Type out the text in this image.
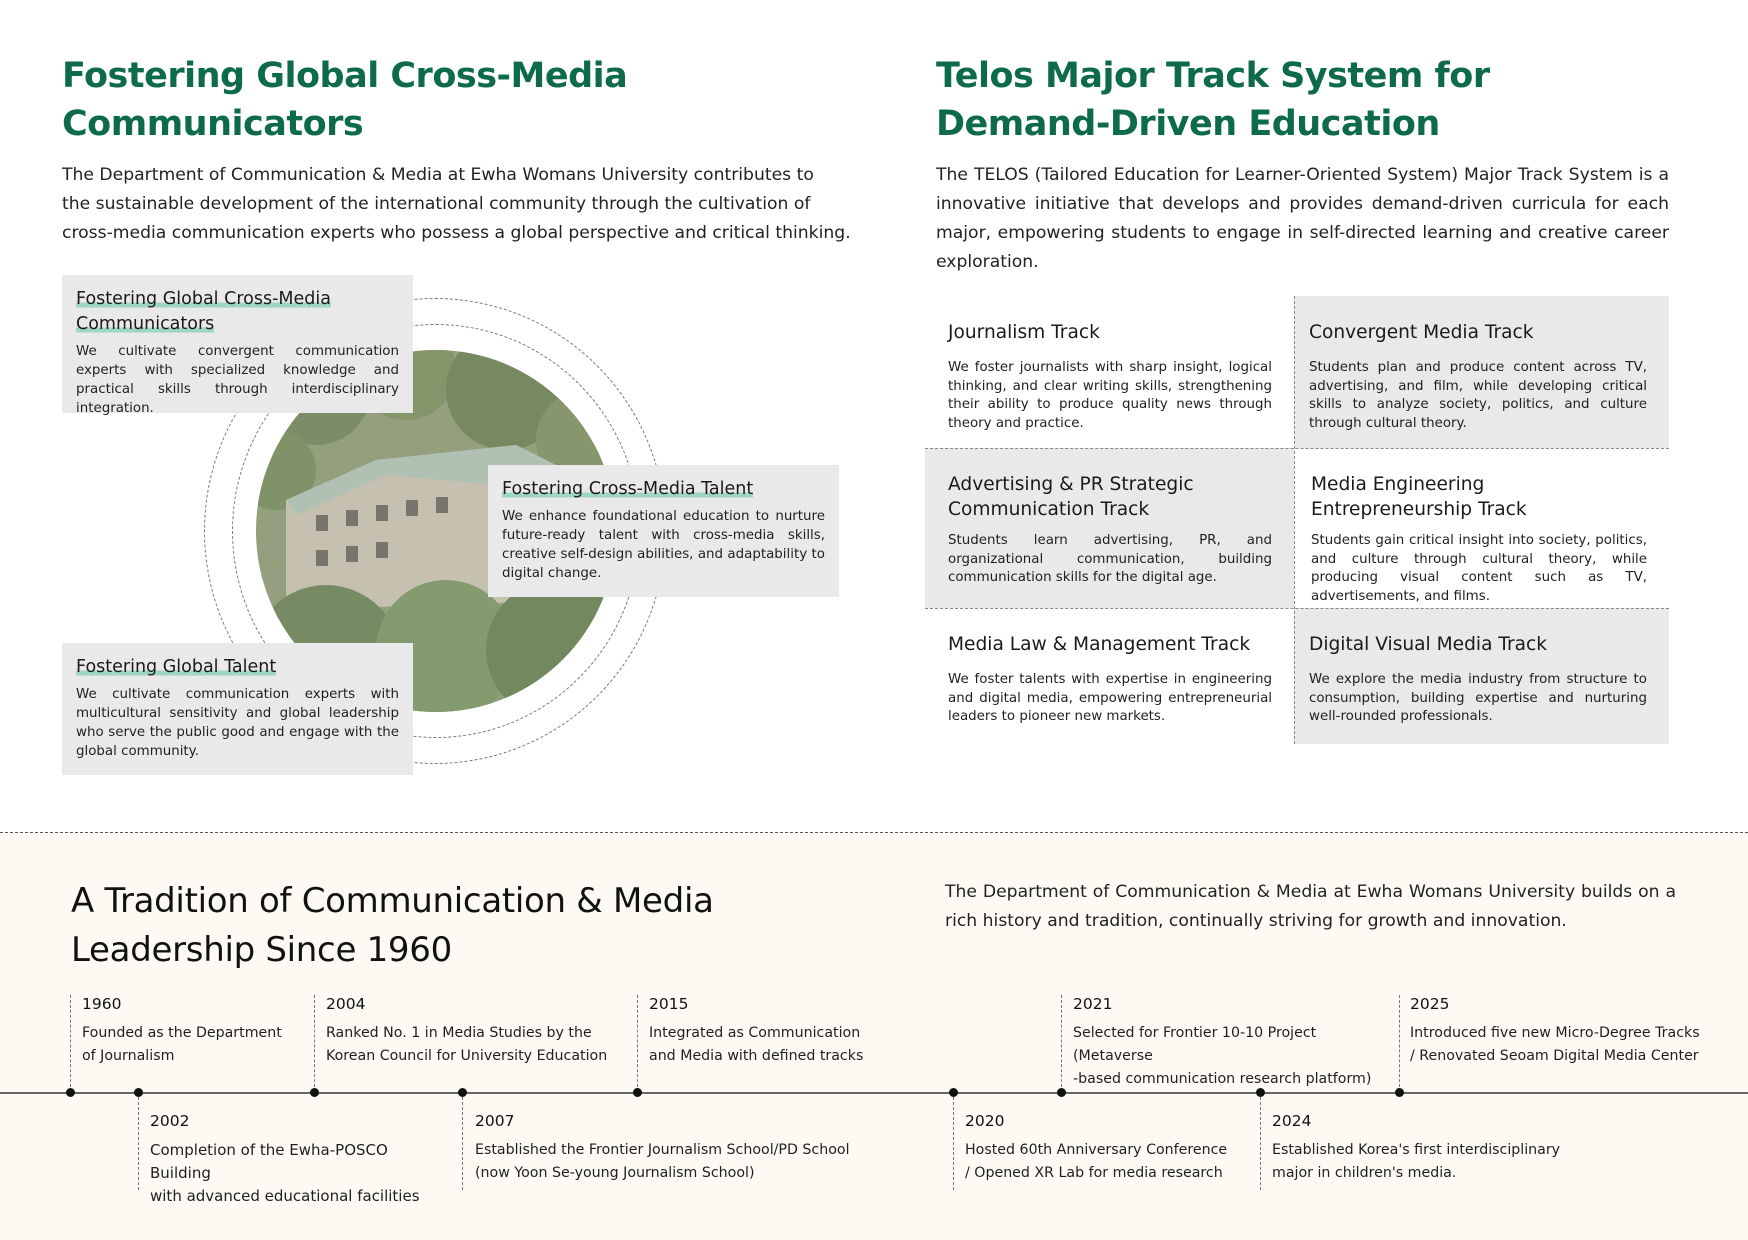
Fostering Global Cross-Media
Communicators
The Department of Communication & Media at Ewha Womans University contributes to
the sustainable development of the international community through the cultivation of
cross-media communication experts who possess a global perspective and critical thinking.
Fostering Global Cross-Media
Communicators
We cultivate convergent communication experts with specialized knowledge and practical skills through interdisciplinary integration.
Fostering Cross-Media Talent
We enhance foundational education to nurture future-ready talent with cross-media skills, creative self-design abilities, and adaptability to digital change.
Fostering Global Talent
We cultivate communication experts with multicultural sensitivity and global leadership who serve the public good and engage with the global community.
Telos Major Track System for
Demand-Driven Education
The TELOS (Tailored Education for Learner-Oriented System) Major Track System is a innovative initiative that develops and provides demand-driven curricula for each major, empowering students to engage in self-directed learning and creative career exploration.
Journalism Track
We foster journalists with sharp insight, logical thinking, and clear writing skills, strengthening their ability to produce quality news through theory and practice.
Convergent Media Track
Students plan and produce content across TV, advertising, and film, while developing critical skills to analyze society, politics, and culture through cultural theory.
Advertising & PR Strategic
Communication Track
Students learn advertising, PR, and organizational communication, building communication skills for the digital age.
Media Engineering
Entrepreneurship Track
Students gain critical insight into society, politics, and culture through cultural theory, while producing visual content such as TV, advertisements, and films.
Media Law & Management Track
We foster talents with expertise in engineering and digital media, empowering entrepreneurial leaders to pioneer new markets.
Digital Visual Media Track
We explore the media industry from structure to consumption, building expertise and nurturing well-rounded professionals.
A Tradition of Communication & Media
Leadership Since 1960
The Department of Communication & Media at Ewha Womans University builds on a rich history and tradition, continually striving for growth and innovation.
1960
Founded as the Department
of Journalism
2004
Ranked No. 1 in Media Studies by the
Korean Council for University Education
2015
Integrated as Communication
and Media with defined tracks
2021
Selected for Frontier 10-10 Project (Metaverse
-based communication research platform)
2025
Introduced five new Micro-Degree Tracks
/ Renovated Seoam Digital Media Center
2002
Completion of the Ewha-POSCO Building
with advanced educational facilities
2007
Established the Frontier Journalism School/PD School
(now Yoon Se-young Journalism School)
2020
Hosted 60th Anniversary Conference
/ Opened XR Lab for media research
2024
Established Korea's first interdisciplinary
major in children's media.
